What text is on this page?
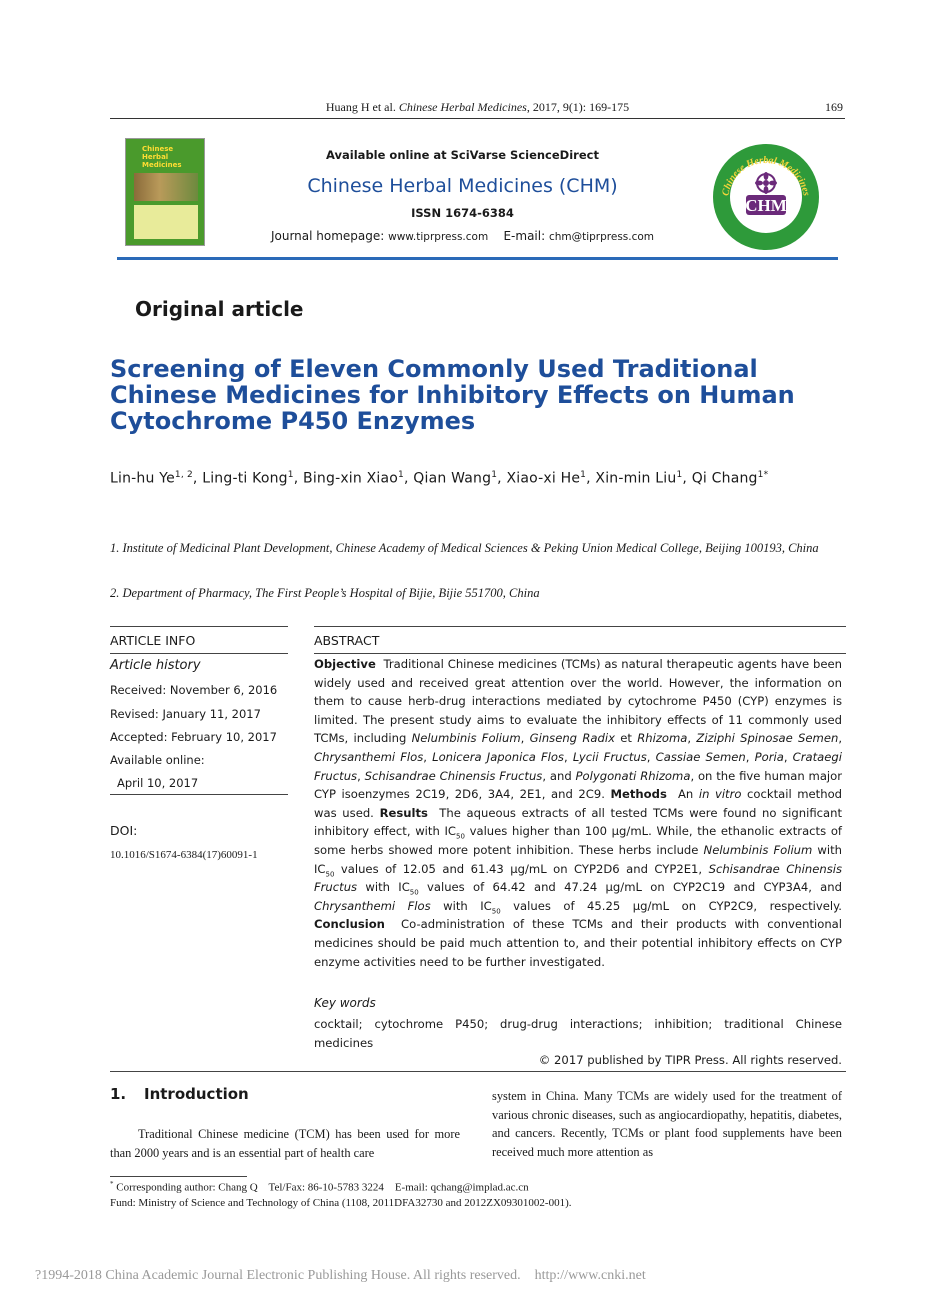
Huang H et al. Chinese Herbal Medicines, 2017, 9(1): 169-175	169
Chinese
Herbal Medicines
Available online at SciVarse ScienceDirect
Chinese Herbal Medicines (CHM)
ISSN 1674-6384
Journal homepage: www.tiprpress.com E-mail: chm@tiprpress.com
Chinese Herbal Medicines
CHM
TIPR PRESS
Original article
Screening of Eleven Commonly Used Traditional Chinese Medicines for Inhibitory Effects on Human Cytochrome P450 Enzymes
Lin-hu Ye$^{1, 2}$, Ling-ti Kong$^1$, Bing-xin Xiao$^1$, Qian Wang$^1$, Xiao-xi He$^1$, Xin-min Liu$^1$, Qi Chang$^{1*}$
1. Institute of Medicinal Plant Development, Chinese Academy of Medical Sciences & Peking Union Medical College, Beijing 100193, China
2. Department of Pharmacy, The First People’s Hospital of Bijie, Bijie 551700, China
ARTICLE INFO
Article history
Received: November 6, 2016
Revised: January 11, 2017
Accepted: February 10, 2017
Available online:
April 10, 2017
DOI:
10.1016/S1674-6384(17)60091-1
ABSTRACT
Objective Traditional Chinese medicines (TCMs) as natural therapeutic agents have been widely used and received great attention over the world. However, the information on them to cause herb-drug interactions mediated by cytochrome P450 (CYP) enzymes is limited. The present study aims to evaluate the inhibitory effects of 11 commonly used TCMs, including Nelumbinis Folium, Ginseng Radix et Rhizoma, Ziziphi Spinosae Semen, Chrysanthemi Flos, Lonicera Japonica Flos, Lycii Fructus, Cassiae Semen, Poria, Crataegi Fructus, Schisandrae Chinensis Fructus, and Polygonati Rhizoma, on the five human major CYP isoenzymes 2C19, 2D6, 3A4, 2E1, and 2C9. Methods An in vitro cocktail method was used. Results The aqueous extracts of all tested TCMs were found no significant inhibitory effect, with $IC_{50}$ values higher than 100 μg/mL. While, the ethanolic extracts of some herbs showed more potent inhibition. These herbs include Nelumbinis Folium with $IC_{50}$ values of 12.05 and 61.43 μg/mL on CYP2D6 and CYP2E1, Schisandrae Chinensis Fructus with $IC_{50}$ values of 64.42 and 47.24 μg/mL on CYP2C19 and CYP3A4, and Chrysanthemi Flos with $IC_{50}$ values of 45.25 μg/mL on CYP2C9, respectively. Conclusion Co-administration of these TCMs and their products with conventional medicines should be paid much attention to, and their potential inhibitory effects on CYP enzyme activities need to be further investigated.
Key words
cocktail; cytochrome P450; drug-drug interactions; inhibition; traditional Chinese medicines
© 2017 published by TIPR Press. All rights reserved.
1. Introduction
Traditional Chinese medicine (TCM) has been used for more than 2000 years and is an essential part of health care
system in China. Many TCMs are widely used for the treatment of various chronic diseases, such as angiocardiopathy, hepatitis, diabetes, and cancers. Recently, TCMs or plant food supplements have been received much more attention as
* Corresponding author: Chang Q    Tel/Fax: 86-10-5783 3224    E-mail: qchang@implad.ac.cn
Fund: Ministry of Science and Technology of China (1108, 2011DFA32730 and 2012ZX09301002-001).
?1994-2018 China Academic Journal Electronic Publishing House. All rights reserved.    http://www.cnki.net
